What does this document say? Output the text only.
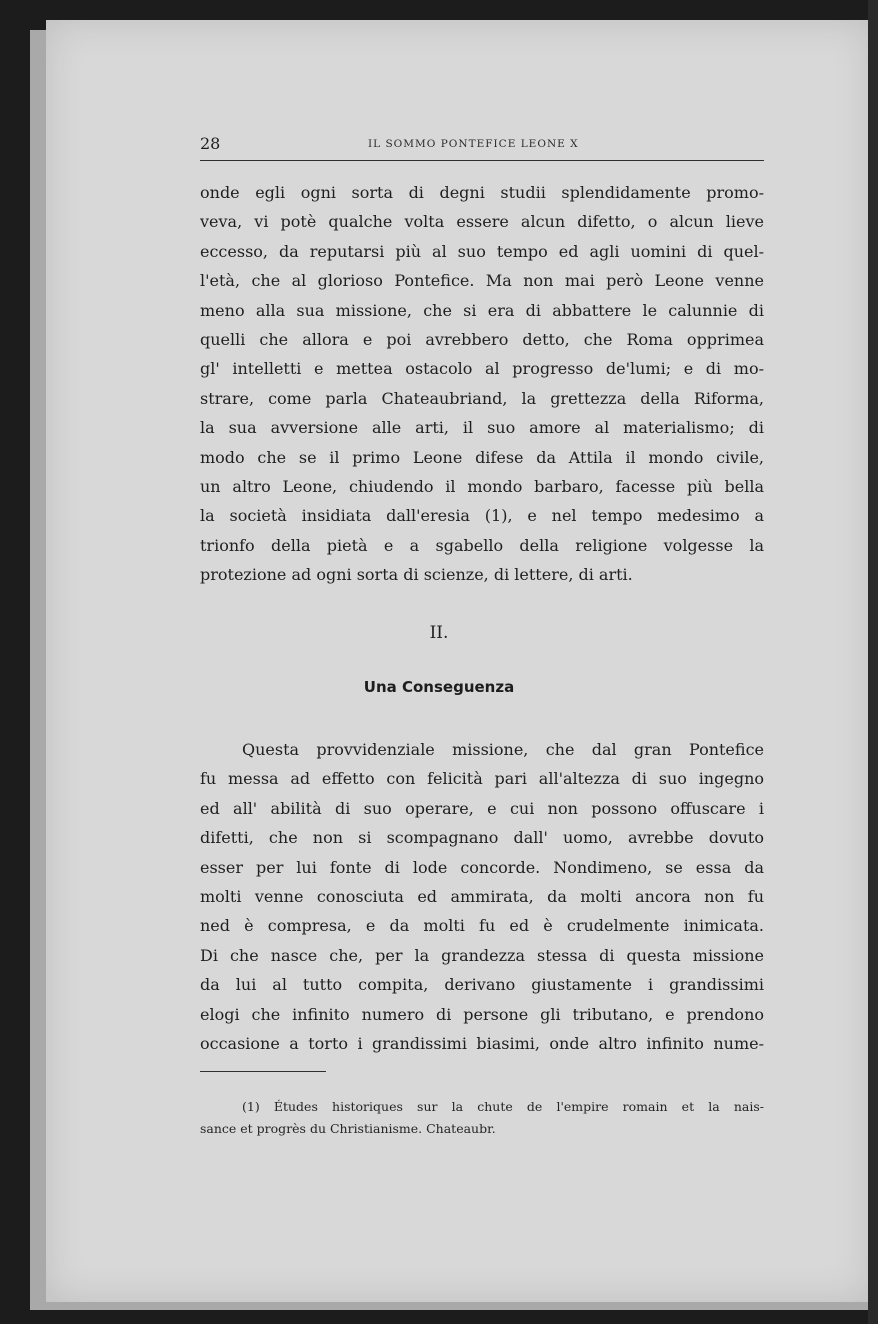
28	IL SOMMO PONTEFICE LEONE X
onde egli ogni sorta di degni studii splendidamente promo-
veva, vi potè qualche volta essere alcun difetto, o alcun lieve
eccesso, da reputarsi più al suo tempo ed agli uomini di quel-
l'età, che al glorioso Pontefice. Ma non mai però Leone venne
meno alla sua missione, che si era di abbattere le calunnie di
quelli che allora e poi avrebbero detto, che Roma opprimea
gl' intelletti e mettea ostacolo al progresso de'lumi; e di mo-
strare, come parla Chateaubriand, la grettezza della Riforma,
la sua avversione alle arti, il suo amore al materialismo; di
modo che se il primo Leone difese da Attila il mondo civile,
un altro Leone, chiudendo il mondo barbaro, facesse più bella
la società insidiata dall'eresia (1), e nel tempo medesimo a
trionfo della pietà e a sgabello della religione volgesse la
protezione ad ogni sorta di scienze, di lettere, di arti.
II.
Una Conseguenza
Questa provvidenziale missione, che dal gran Pontefice
fu messa ad effetto con felicità pari all'altezza di suo ingegno
ed all' abilità di suo operare, e cui non possono offuscare i
difetti, che non si scompagnano dall' uomo, avrebbe dovuto
esser per lui fonte di lode concorde. Nondimeno, se essa da
molti venne conosciuta ed ammirata, da molti ancora non fu
ned è compresa, e da molti fu ed è crudelmente inimicata.
Di che nasce che, per la grandezza stessa di questa missione
da lui al tutto compita, derivano giustamente i grandissimi
elogi che infinito numero di persone gli tributano, e prendono
occasione a torto i grandissimi biasimi, onde altro infinito nume-
(1) Études historiques sur la chute de l'empire romain et la nais-
sance et progrès du Christianisme. Chateaubr.
